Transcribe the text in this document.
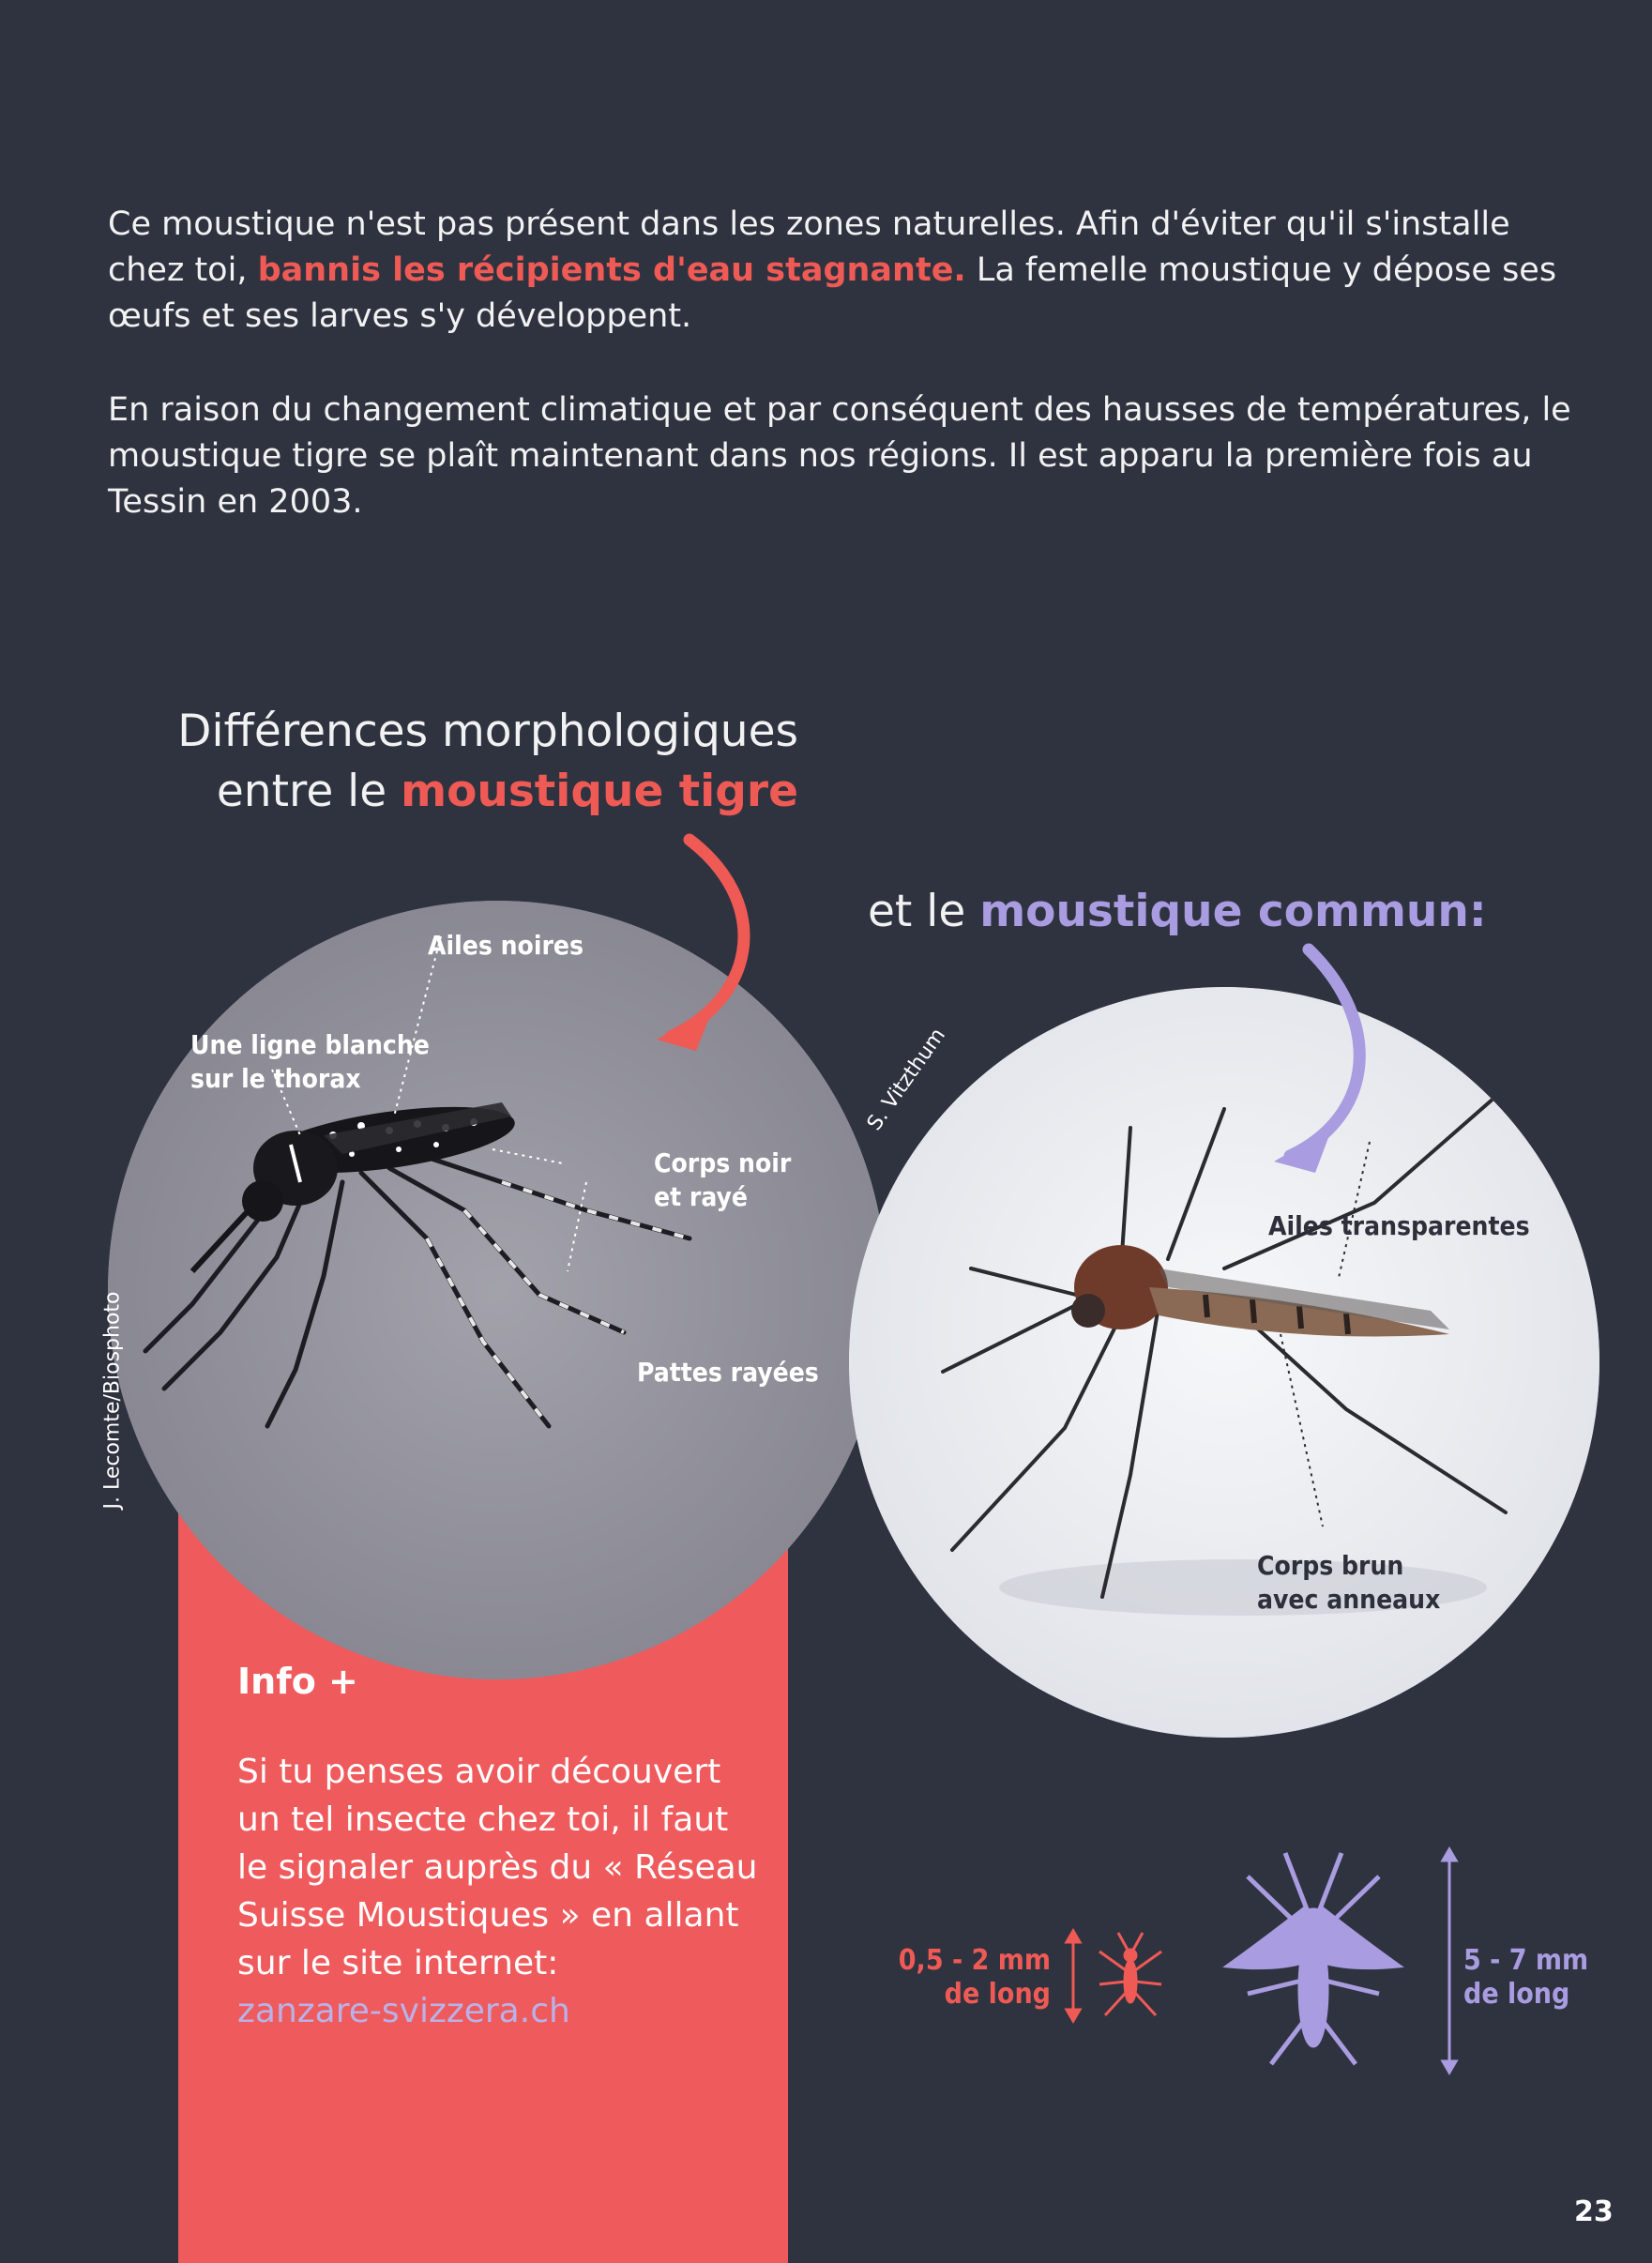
Ce moustique n'est pas présent dans les zones naturelles. Afin d'éviter qu'il s'installe chez toi, bannis les récipients d'eau stagnante. La femelle moustique y dépose ses œufs et ses larves s'y développent.

En raison du changement climatique et par conséquent des hausses de températures, le moustique tigre se plaît maintenant dans nos régions. Il est apparu la première fois au Tessin en 2003.

Différences morphologiques
entre le moustique tigre
et le moustique commun:
Ailes noires
Une ligne blanche
sur le thorax
Corps noir
et rayé
Pattes rayées
Ailes transparentes
Corps brun
avec anneaux
J. Lecomte/Biosphoto
S. Vitzthum
Info +

Si tu penses avoir découvert un tel insecte chez toi, il faut le signaler auprès du « Réseau Suisse Moustiques » en allant sur le site internet:
zanzare-svizzera.ch

0,5 - 2 mm
de long
5 - 7 mm
de long
23
